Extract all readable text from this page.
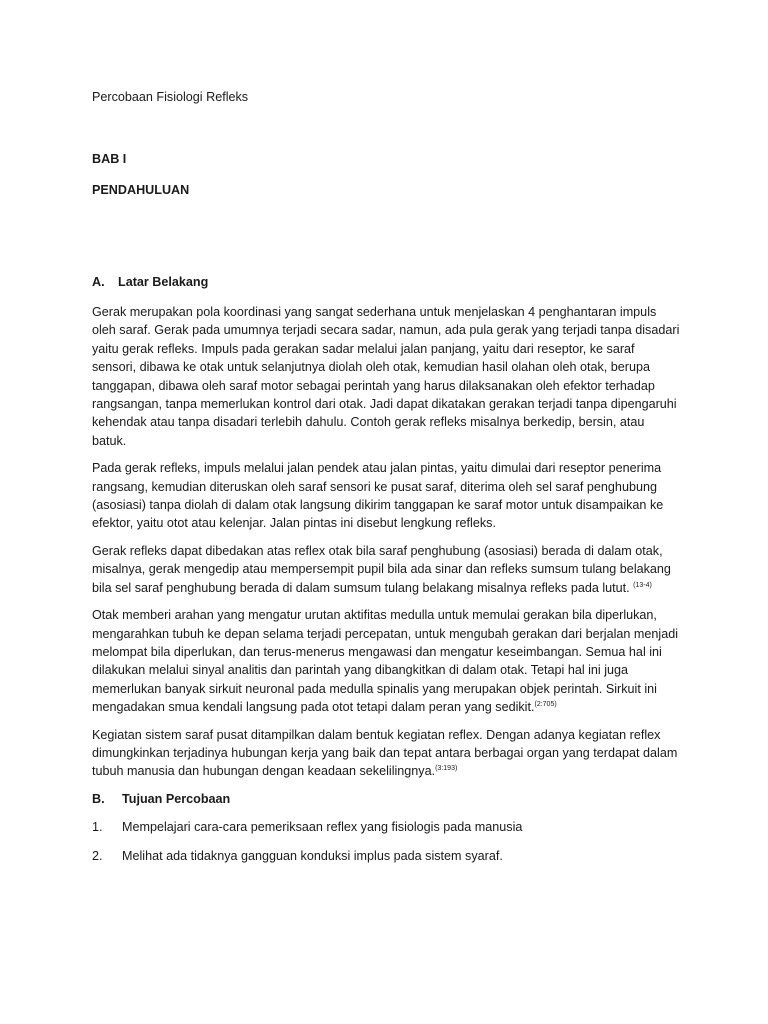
Percobaan Fisiologi Refleks

BAB I

PENDAHULUAN

A. Latar Belakang

Gerak merupakan pola koordinasi yang sangat sederhana untuk menjelaskan 4 penghantaran impuls oleh saraf. Gerak pada umumnya terjadi secara sadar, namun, ada pula gerak yang terjadi tanpa disadari yaitu gerak refleks. Impuls pada gerakan sadar melalui jalan panjang, yaitu dari reseptor, ke saraf sensori, dibawa ke otak untuk selanjutnya diolah oleh otak, kemudian hasil olahan oleh otak, berupa tanggapan, dibawa oleh saraf motor sebagai perintah yang harus dilaksanakan oleh efektor terhadap rangsangan, tanpa memerlukan kontrol dari otak. Jadi dapat dikatakan gerakan terjadi tanpa dipengaruhi kehendak atau tanpa disadari terlebih dahulu. Contoh gerak refleks misalnya berkedip, bersin, atau batuk.

Pada gerak refleks, impuls melalui jalan pendek atau jalan pintas, yaitu dimulai dari reseptor penerima rangsang, kemudian diteruskan oleh saraf sensori ke pusat saraf, diterima oleh sel saraf penghubung (asosiasi) tanpa diolah di dalam otak langsung dikirim tanggapan ke saraf motor untuk disampaikan ke efektor, yaitu otot atau kelenjar. Jalan pintas ini disebut lengkung refleks.

Gerak refleks dapat dibedakan atas reflex otak bila saraf penghubung (asosiasi) berada di dalam otak, misalnya, gerak mengedip atau mempersempit pupil bila ada sinar dan refleks sumsum tulang belakang bila sel saraf penghubung berada di dalam sumsum tulang belakang misalnya refleks pada lutut. $^{(13-4)}$

Otak memberi arahan yang mengatur urutan aktifitas medulla untuk memulai gerakan bila diperlukan, mengarahkan tubuh ke depan selama terjadi percepatan, untuk mengubah gerakan dari berjalan menjadi melompat bila diperlukan, dan terus-menerus mengawasi dan mengatur keseimbangan. Semua hal ini dilakukan melalui sinyal analitis dan parintah yang dibangkitkan di dalam otak. Tetapi hal ini juga memerlukan banyak sirkuit neuronal pada medulla spinalis yang merupakan objek perintah. Sirkuit ini mengadakan smua kendali langsung pada otot tetapi dalam peran yang sedikit.$^{(2:705)}$

Kegiatan sistem saraf pusat ditampilkan dalam bentuk kegiatan reflex. Dengan adanya kegiatan reflex dimungkinkan terjadinya hubungan kerja yang baik dan tepat antara berbagai organ yang terdapat dalam tubuh manusia dan hubungan dengan keadaan sekelilingnya.$^{(3:193)}$

B. Tujuan Percobaan

1.	Mempelajari cara-cara pemeriksaan reflex yang fisiologis pada manusia
2.	Melihat ada tidaknya gangguan konduksi implus pada sistem syaraf.
